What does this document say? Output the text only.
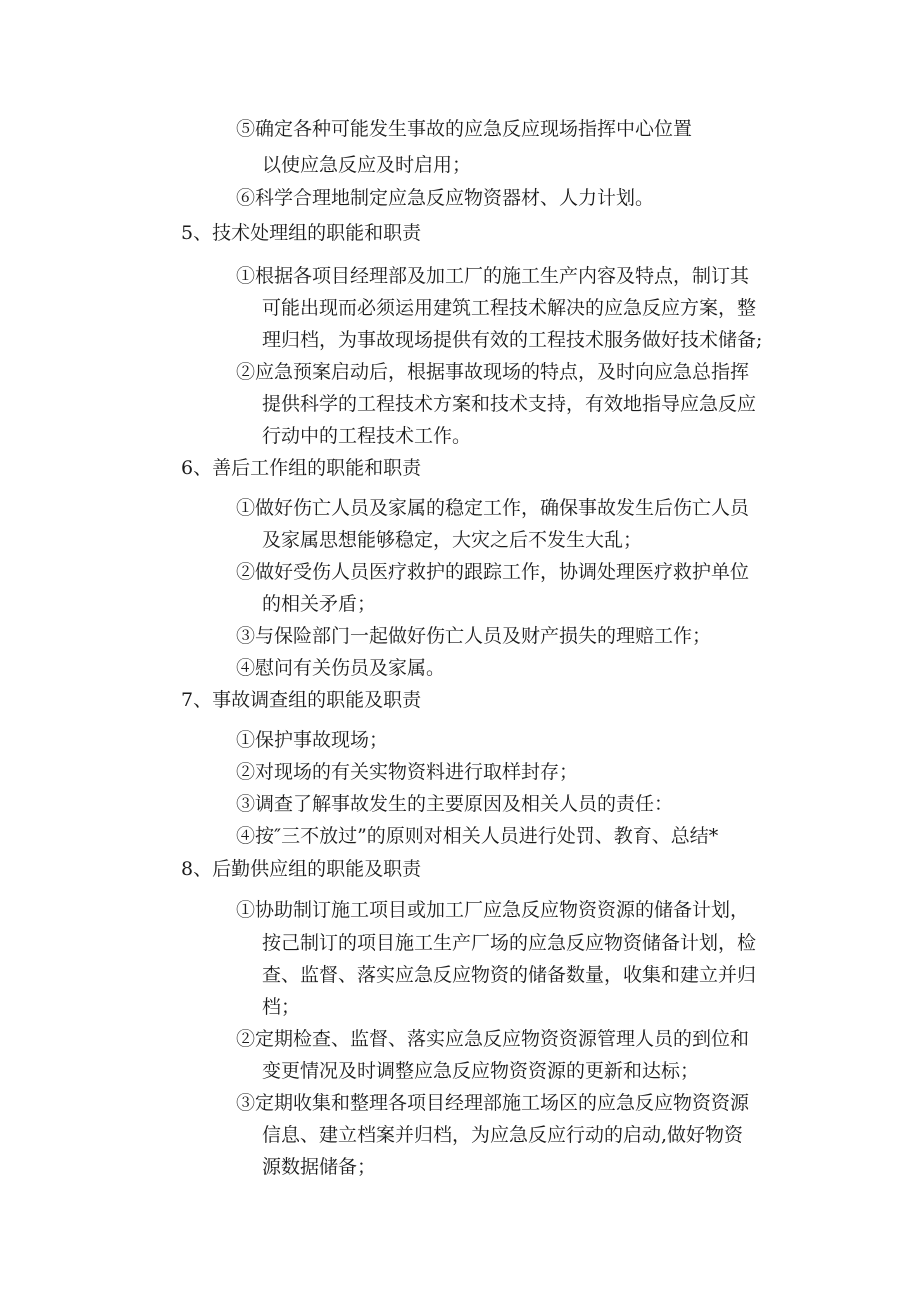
⑤确定各种可能发生事故的应急反应现场指挥中心位置
以使应急反应及时启用；
⑥科学合理地制定应急反应物资器材、人力计划。
5、技术处理组的职能和职责
①根据各项目经理部及加工厂的施工生产内容及特点，制订其
可能出现而必须运用建筑工程技术解决的应急反应方案，整
理归档，为事故现场提供有效的工程技术服务做好技术储备;
②应急预案启动后，根据事故现场的特点，及时向应急总指挥
提供科学的工程技术方案和技术支持，有效地指导应急反应
行动中的工程技术工作。
6、善后工作组的职能和职责
①做好伤亡人员及家属的稳定工作，确保事故发生后伤亡人员
及家属思想能够稳定，大灾之后不发生大乱；
②做好受伤人员医疗救护的跟踪工作，协调处理医疗救护单位
的相关矛盾；
③与保险部门一起做好伤亡人员及财产损失的理赔工作；
④慰问有关伤员及家属。
7、事故调查组的职能及职责
①保护事故现场；
②对现场的有关实物资料进行取样封存；
③调查了解事故发生的主要原因及相关人员的责任：
④按″三不放过”的原则对相关人员进行处罚、教育、总结*
8、后勤供应组的职能及职责
①协助制订施工项目或加工厂应急反应物资资源的储备计划，
按己制订的项目施工生产厂场的应急反应物资储备计划，检
查、监督、落实应急反应物资的储备数量，收集和建立并归
档；
②定期检查、监督、落实应急反应物资资源管理人员的到位和
变更情况及时调整应急反应物资资源的更新和达标；
③定期收集和整理各项目经理部施工场区的应急反应物资资源
信息、建立档案并归档，为应急反应行动的启动,做好物资
源数据储备；
